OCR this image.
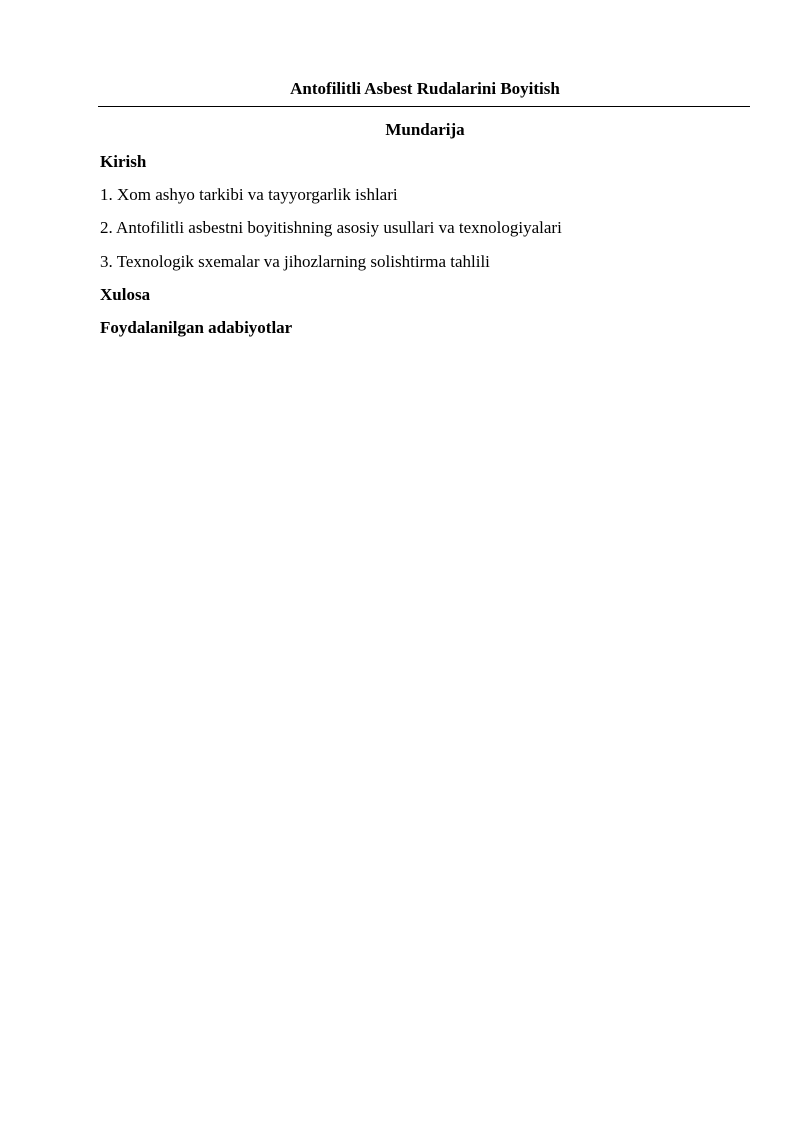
Antofilitli Asbest Rudalarini Boyitish
Mundarija
Kirish
1. Xom ashyo tarkibi va tayyorgarlik ishlari
2. Antofilitli asbestni boyitishning asosiy usullari va texnologiyalari
3. Texnologik sxemalar va jihozlarning solishtirma tahlili
Xulosa
Foydalanilgan adabiyotlar
